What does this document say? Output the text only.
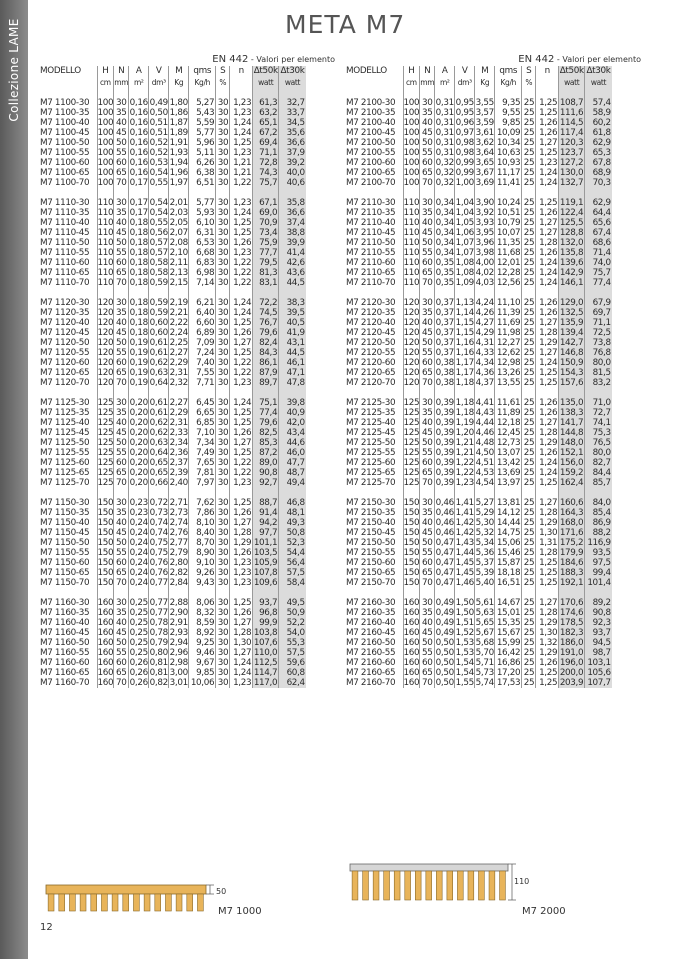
Collezione LAME	META M7
EN 442 - Valori per elemento
MODELLO	H	N	A	V	M	qms	S	n	Δt50k	Δt30k
	cm	mm	m²	dm³	Kg	Kg/h	%		watt	watt

M7 1100-30	100	30	0,16	0,49	1,80	5,27	30	1,23	61,3	32,7
M7 1100-35	100	35	0,16	0,50	1,86	5,43	30	1,23	63,2	33,7
M7 1100-40	100	40	0,16	0,51	1,87	5,59	30	1,24	65,1	34,5
M7 1100-45	100	45	0,16	0,51	1,89	5,77	30	1,24	67,2	35,6
M7 1100-50	100	50	0,16	0,52	1,91	5,96	30	1,25	69,4	36,6
M7 1100-55	100	55	0,16	0,52	1,93	5,11	30	1,23	71,1	37,9
M7 1100-60	100	60	0,16	0,53	1,94	6,26	30	1,21	72,8	39,2
M7 1100-65	100	65	0,16	0,54	1,96	6,38	30	1,21	74,3	40,0
M7 1100-70	100	70	0,17	0,55	1,97	6,51	30	1,22	75,7	40,6

M7 1110-30	110	30	0,17	0,54	2,01	5,77	30	1,23	67,1	35,8
M7 1110-35	110	35	0,17	0,54	2,03	5,93	30	1,24	69,0	36,6
M7 1110-40	110	40	0,18	0,55	2,05	6,10	30	1,25	70,9	37,4
M7 1110-45	110	45	0,18	0,56	2,07	6,31	30	1,25	73,4	38,8
M7 1110-50	110	50	0,18	0,57	2,08	6,53	30	1,26	75,9	39,9
M7 1110-55	110	55	0,18	0,57	2,10	6,68	30	1,23	77,7	41,4
M7 1110-60	110	60	0,18	0,58	2,11	6,83	30	1,22	79,5	42,6
M7 1110-65	110	65	0,18	0,58	2,13	6,98	30	1,22	81,3	43,6
M7 1110-70	110	70	0,18	0,59	2,15	7,14	30	1,22	83,1	44,5

M7 1120-30	120	30	0,18	0,59	2,19	6,21	30	1,24	72,2	38,3
M7 1120-35	120	35	0,18	0,59	2,21	6,40	30	1,24	74,5	39,5
M7 1120-40	120	40	0,18	0,60	2,22	6,60	30	1,25	76,7	40,5
M7 1120-45	120	45	0,18	0,60	2,24	6,89	30	1,26	79,6	41,9
M7 1120-50	120	50	0,19	0,61	2,25	7,09	30	1,27	82,4	43,1
M7 1120-55	120	55	0,19	0,61	2,27	7,24	30	1,25	84,3	44,5
M7 1120-60	120	60	0,19	0,62	2,29	7,40	30	1,22	86,1	46,1
M7 1120-65	120	65	0,19	0,63	2,31	7,55	30	1,22	87,9	47,1
M7 1120-70	120	70	0,19	0,64	2,32	7,71	30	1,23	89,7	47,8

M7 1125-30	125	30	0,20	0,61	2,27	6,45	30	1,24	75,1	39,8
M7 1125-35	125	35	0,20	0,61	2,29	6,65	30	1,25	77,4	40,9
M7 1125-40	125	40	0,20	0,62	2,31	6,85	30	1,25	79,6	42,0
M7 1125-45	125	45	0,20	0,62	2,33	7,10	30	1,26	82,5	43,4
M7 1125-50	125	50	0,20	0,63	2,34	7,34	30	1,27	85,3	44,6
M7 1125-55	125	55	0,20	0,64	2,36	7,49	30	1,25	87,2	46,0
M7 1125-60	125	60	0,20	0,65	2,37	7,65	30	1,22	89,0	47,7
M7 1125-65	125	65	0,20	0,65	2,39	7,81	30	1,22	90,8	48,7
M7 1125-70	125	70	0,20	0,66	2,40	7,97	30	1,23	92,7	49,4

M7 1150-30	150	30	0,23	0,72	2,71	7,62	30	1,25	88,7	46,8
M7 1150-35	150	35	0,23	0,73	2,73	7,86	30	1,26	91,4	48,1
M7 1150-40	150	40	0,24	0,74	2,74	8,10	30	1,27	94,2	49,3
M7 1150-45	150	45	0,24	0,74	2,76	8,40	30	1,28	97,7	50,8
M7 1150-50	150	50	0,24	0,75	2,77	8,70	30	1,29	101,1	52,3
M7 1150-55	150	55	0,24	0,75	2,79	8,90	30	1,26	103,5	54,4
M7 1150-60	150	60	0,24	0,76	2,80	9,10	30	1,23	105,9	56,4
M7 1150-65	150	65	0,24	0,76	2,82	9,26	30	1,23	107,8	57,5
M7 1150-70	150	70	0,24	0,77	2,84	9,43	30	1,23	109,6	58,4

M7 1160-30	160	30	0,25	0,77	2,88	8,06	30	1,25	93,7	49,5
M7 1160-35	160	35	0,25	0,77	2,90	8,32	30	1,26	96,8	50,9
M7 1160-40	160	40	0,25	0,78	2,91	8,59	30	1,27	99,9	52,2
M7 1160-45	160	45	0,25	0,78	2,93	8,92	30	1,28	103,8	54,0
M7 1160-50	160	50	0,25	0,79	2,94	9,25	30	1,30	107,6	55,3
M7 1160-55	160	55	0,25	0,80	2,96	9,46	30	1,27	110,0	57,5
M7 1160-60	160	60	0,26	0,81	2,98	9,67	30	1,24	112,5	59,6
M7 1160-65	160	65	0,26	0,81	3,00	9,85	30	1,24	114,7	60,8
M7 1160-70	160	70	0,26	0,82	3,01	10,06	30	1,23	117,0	62,4
EN 442 - Valori per elemento
MODELLO	H	N	A	V	M	qms	S	n	Δt50k	Δt30k
	cm	mm	m²	dm³	Kg	Kg/h	%		watt	watt

M7 2100-30	100	30	0,31	0,95	3,55	9,35	25	1,25	108,7	57,4
M7 2100-35	100	35	0,31	0,95	3,57	9,55	25	1,25	111,6	58,9
M7 2100-40	100	40	0,31	0,96	3,59	9,85	25	1,26	114,5	60,2
M7 2100-45	100	45	0,31	0,97	3,61	10,09	25	1,26	117,4	61,8
M7 2100-50	100	50	0,31	0,98	3,62	10,34	25	1,27	120,3	62,9
M7 2100-55	100	55	0,31	0,98	3,64	10,63	25	1,25	123,7	65,3
M7 2100-60	100	60	0,32	0,99	3,65	10,93	25	1,23	127,2	67,8
M7 2100-65	100	65	0,32	0,99	3,67	11,17	25	1,24	130,0	68,9
M7 2100-70	100	70	0,32	1,00	3,69	11,41	25	1,24	132,7	70,3

M7 2110-30	110	30	0,34	1,04	3,90	10,24	25	1,25	119,1	62,9
M7 2110-35	110	35	0,34	1,04	3,92	10,51	25	1,26	122,4	64,4
M7 2110-40	110	40	0,34	1,05	3,93	10,79	25	1,27	125,5	65,6
M7 2110-45	110	45	0,34	1,06	3,95	10,07	25	1,27	128,8	67,4
M7 2110-50	110	50	0,34	1,07	3,96	11,35	25	1,28	132,0	68,6
M7 2110-55	110	55	0,34	1,07	3,98	11,68	25	1,26	135,8	71,4
M7 2110-60	110	60	0,35	1,08	4,00	12,01	25	1,24	139,6	74,0
M7 2110-65	110	65	0,35	1,08	4,02	12,28	25	1,24	142,9	75,7
M7 2110-70	110	70	0,35	1,09	4,03	12,56	25	1,24	146,1	77,4

M7 2120-30	120	30	0,37	1,13	4,24	11,10	25	1,26	129,0	67,9
M7 2120-35	120	35	0,37	1,14	4,26	11,39	25	1,26	132,5	69,7
M7 2120-40	120	40	0,37	1,15	4,27	11,69	25	1,27	135,9	71,1
M7 2120-45	120	45	0,37	1,15	4,29	11,98	25	1,28	139,4	72,5
M7 2120-50	120	50	0,37	1,16	4,31	12,27	25	1,29	142,7	73,8
M7 2120-55	120	55	0,37	1,16	4,33	12,62	25	1,27	146,8	76,8
M7 2120-60	120	60	0,38	1,17	4,34	12,98	25	1,24	150,9	80,0
M7 2120-65	120	65	0,38	1,17	4,36	13,26	25	1,25	154,3	81,5
M7 2120-70	120	70	0,38	1,18	4,37	13,55	25	1,25	157,6	83,2

M7 2125-30	125	30	0,39	1,18	4,41	11,61	25	1,26	135,0	71,0
M7 2125-35	125	35	0,39	1,18	4,43	11,89	25	1,26	138,3	72,7
M7 2125-40	125	40	0,39	1,19	4,44	12,18	25	1,27	141,7	74,1
M7 2125-45	125	45	0,39	1,20	4,46	12,45	25	1,28	144,8	75,3
M7 2125-50	125	50	0,39	1,21	4,48	12,73	25	1,29	148,0	76,5
M7 2125-55	125	55	0,39	1,21	4,50	13,07	25	1,26	152,1	80,0
M7 2125-60	125	60	0,39	1,22	4,51	13,42	25	1,24	156,0	82,7
M7 2125-65	125	65	0,39	1,22	4,53	13,69	25	1,24	159,2	84,4
M7 2125-70	125	70	0,39	1,23	4,54	13,97	25	1,25	162,4	85,7

M7 2150-30	150	30	0,46	1,41	5,27	13,81	25	1,27	160,6	84,0
M7 2150-35	150	35	0,46	1,41	5,29	14,12	25	1,28	164,3	85,4
M7 2150-40	150	40	0,46	1,42	5,30	14,44	25	1,29	168,0	86,9
M7 2150-45	150	45	0,46	1,42	5,32	14,75	25	1,30	171,6	88,2
M7 2150-50	150	50	0,47	1,43	5,34	15,06	25	1,31	175,2	116,9
M7 2150-55	150	55	0,47	1,44	5,36	15,46	25	1,28	179,9	93,5
M7 2150-60	150	60	0,47	1,45	5,37	15,87	25	1,25	184,6	97,5
M7 2150-65	150	65	0,47	1,45	5,39	18,18	25	1,25	188,3	99,4
M7 2150-70	150	70	0,47	1,46	5,40	16,51	25	1,25	192,1	101,4

M7 2160-30	160	30	0,49	1,50	5,61	14,67	25	1,27	170,6	89,2
M7 2160-35	160	35	0,49	1,50	5,63	15,01	25	1,28	174,6	90,8
M7 2160-40	160	40	0,49	1,51	5,65	15,35	25	1,29	178,5	92,3
M7 2160-45	160	45	0,49	1,52	5,67	15,67	25	1,30	182,3	93,7
M7 2160-50	160	50	0,50	1,53	5,68	15,99	25	1,32	186,0	94,5
M7 2160-55	160	55	0,50	1,53	5,70	16,42	25	1,29	191,0	98,7
M7 2160-60	160	60	0,50	1,54	5,71	16,86	25	1,26	196,0	103,1
M7 2160-65	160	65	0,50	1,54	5,73	17,20	25	1,25	200,0	105,6
M7 2160-70	160	70	0,50	1,55	5,74	17,53	25	1,25	203,9	107,7
50
M7 1000
110
M7 2000
12
